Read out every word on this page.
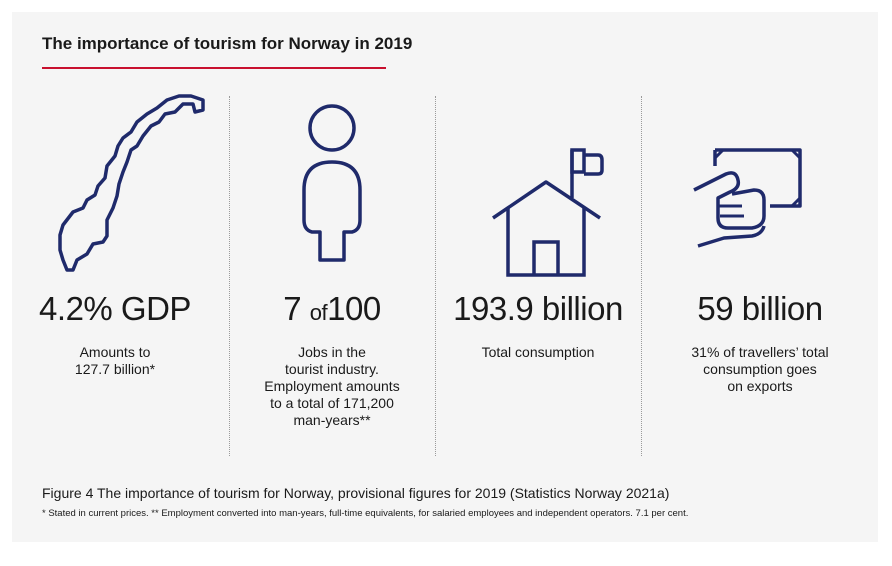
The importance of tourism for Norway in 2019
4.2% GDP
Amounts to
127.7 billion*
7 of100
Jobs in the
tourist industry.
Employment amounts
to a total of 171,200
man-years**
193.9 billion
Total consumption
59 billion
31% of travellers’ total
consumption goes
on exports

Figure 4 The importance of tourism for Norway, provisional figures for 2019 (Statistics Norway 2021a)

* Stated in current prices. ** Employment converted into man-years, full-time equivalents, for salaried employees and independent operators. 7.1 per cent.
